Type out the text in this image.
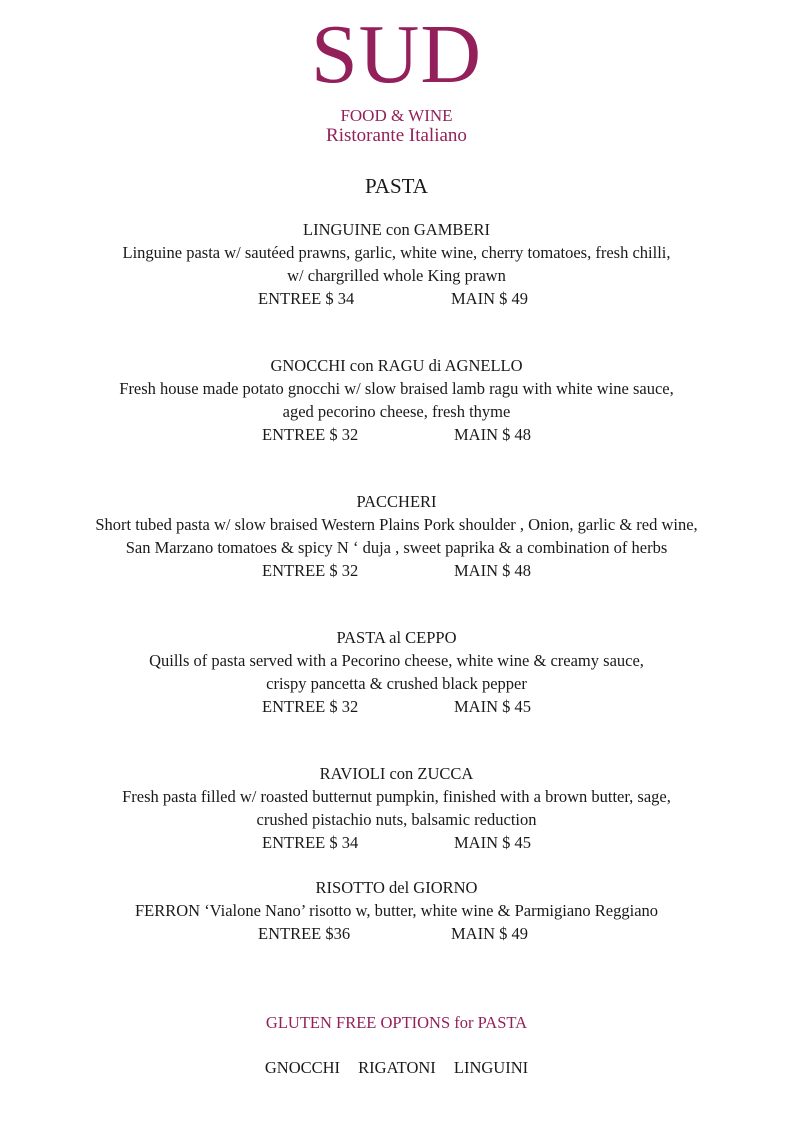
SUD
FOOD & WINE
Ristorante Italiano
PASTA
LINGUINE con GAMBERI
Linguine pasta w/ sautéed prawns, garlic, white wine, cherry tomatoes, fresh chilli,
w/ chargrilled whole King prawn
ENTREE $ 34	MAIN $ 49
GNOCCHI con RAGU di AGNELLO
Fresh house made potato gnocchi w/ slow braised lamb ragu with white wine sauce,
aged pecorino cheese, fresh thyme
ENTREE $ 32	MAIN $ 48
PACCHERI
Short tubed pasta w/ slow braised Western Plains Pork shoulder , Onion, garlic & red wine,
San Marzano tomatoes & spicy N ‘ duja , sweet paprika & a combination of herbs
ENTREE $ 32	MAIN $ 48
PASTA al CEPPO
Quills of pasta served with a Pecorino cheese, white wine & creamy sauce,
crispy pancetta & crushed black pepper
ENTREE $ 32	MAIN $ 45
RAVIOLI con ZUCCA
Fresh pasta filled w/ roasted butternut pumpkin, finished with a brown butter, sage,
crushed pistachio nuts, balsamic reduction
ENTREE $ 34	MAIN $ 45
RISOTTO del GIORNO
FERRON ‘Vialone Nano’ risotto w, butter, white wine & Parmigiano Reggiano
ENTREE $36	MAIN $ 49
GLUTEN FREE OPTIONS for PASTA
GNOCCHI RIGATONI LINGUINI
